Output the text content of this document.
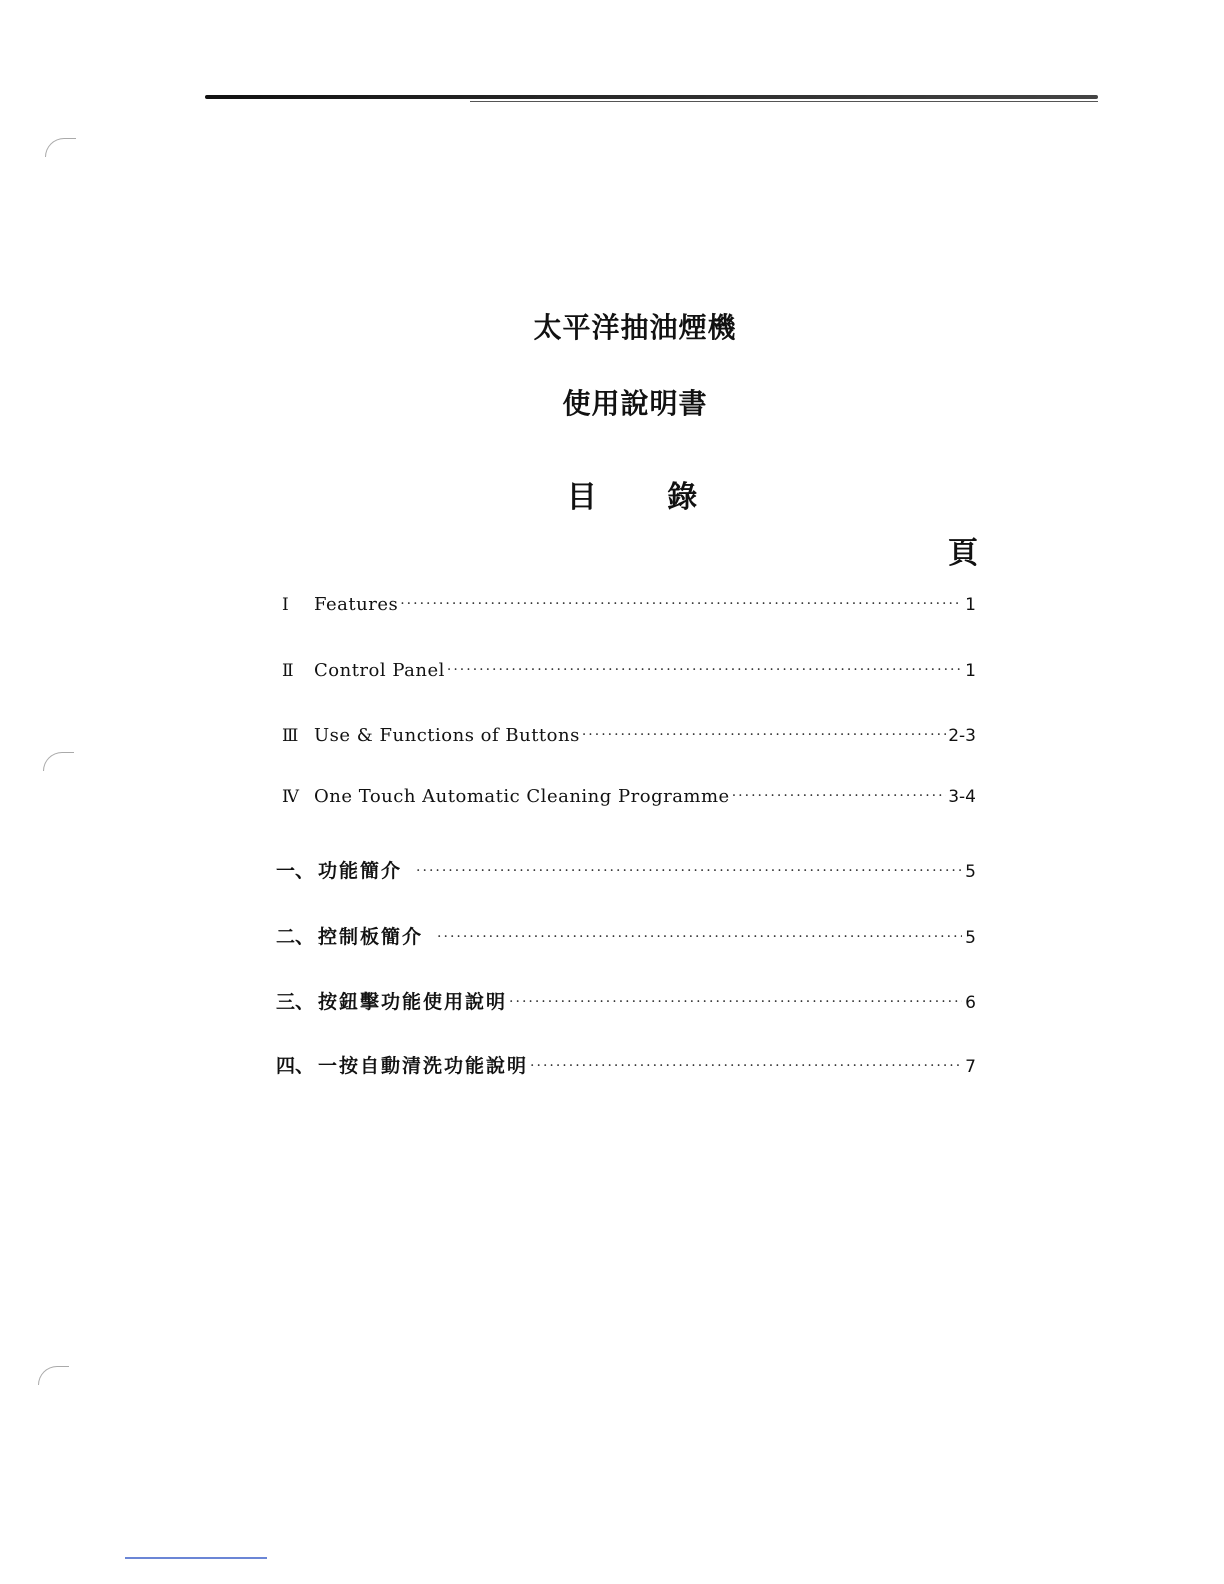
太平洋抽油煙機
使用說明書
目 錄
頁
Ⅰ	Features ·····	1
Ⅱ	Control Panel ·····	1
Ⅲ Use & Functions of Buttons ·····	2-3
Ⅳ One Touch Automatic Cleaning Programme ·····	3-4
一 、	功能簡介 ·····	5
二 、	控制板簡介 ·····	5
三 、	按鈕擊功能使用說明 ·····	6
四 、	一按自動清洗功能說明 ·····	7
